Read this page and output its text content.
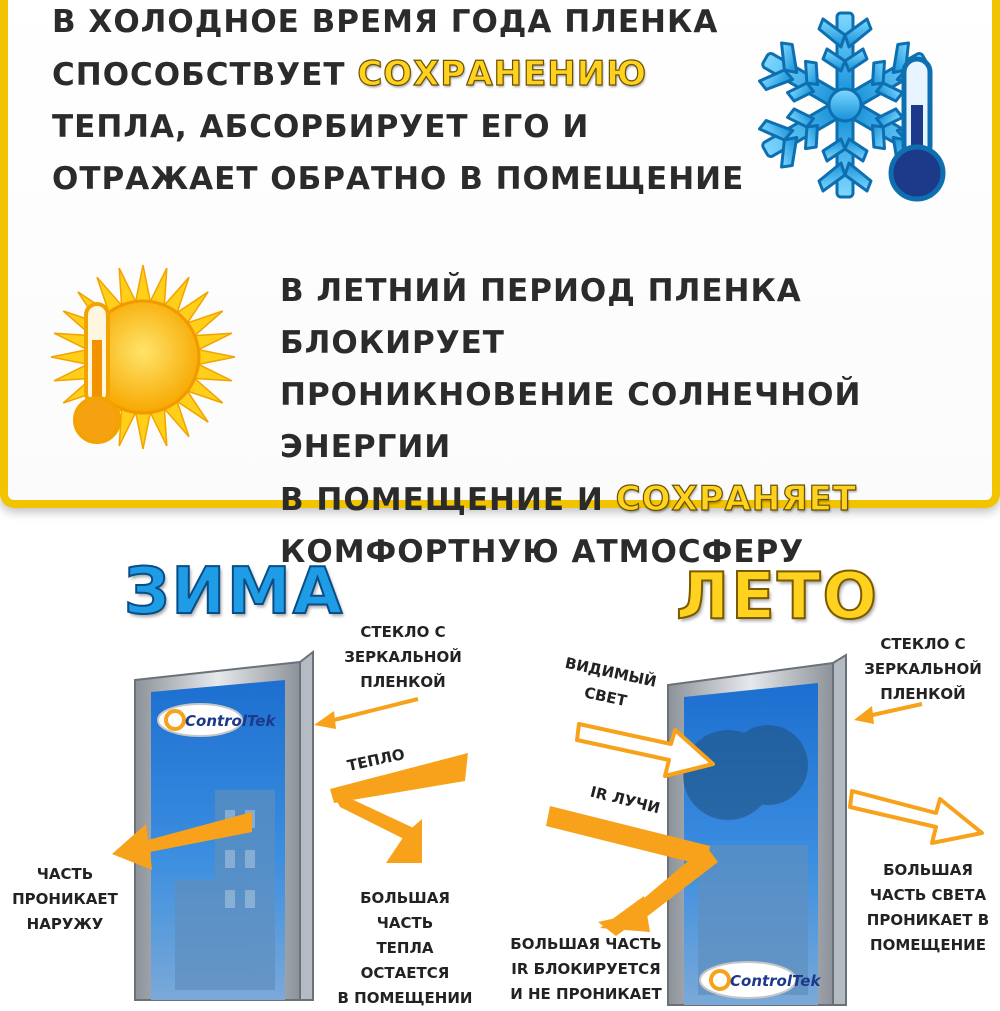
В ХОЛОДНОЕ ВРЕМЯ ГОДА ПЛЕНКА
СПОСОБСТВУЕТ СОХРАНЕНИЮ
ТЕПЛА, АБСОРБИРУЕТ ЕГО И
ОТРАЖАЕТ ОБРАТНО В ПОМЕЩЕНИЕ
В ЛЕТНИЙ ПЕРИОД ПЛЕНКА БЛОКИРУЕТ
ПРОНИКНОВЕНИЕ СОЛНЕЧНОЙ ЭНЕРГИИ
В ПОМЕЩЕНИЕ И СОХРАНЯЕТ
КОМФОРТНУЮ АТМОСФЕРУ
ЗИМА
ControlTek
СТЕКЛО С
ЗЕРКАЛЬНОЙ
ПЛЕНКОЙ
ТЕПЛО
ЧАСТЬ
ПРОНИКАЕТ
НАРУЖУ
БОЛЬШАЯ ЧАСТЬ
ТЕПЛА ОСТАЕТСЯ
В ПОМЕЩЕНИИ
ЛЕТО
ControlTek
СТЕКЛО С
ЗЕРКАЛЬНОЙ
ПЛЕНКОЙ
ВИДИМЫЙ
СВЕТ
IR ЛУЧИ
БОЛЬШАЯ
ЧАСТЬ СВЕТА
ПРОНИКАЕТ В
ПОМЕЩЕНИЕ
БОЛЬШАЯ ЧАСТЬ
IR БЛОКИРУЕТСЯ
И НЕ ПРОНИКАЕТ
